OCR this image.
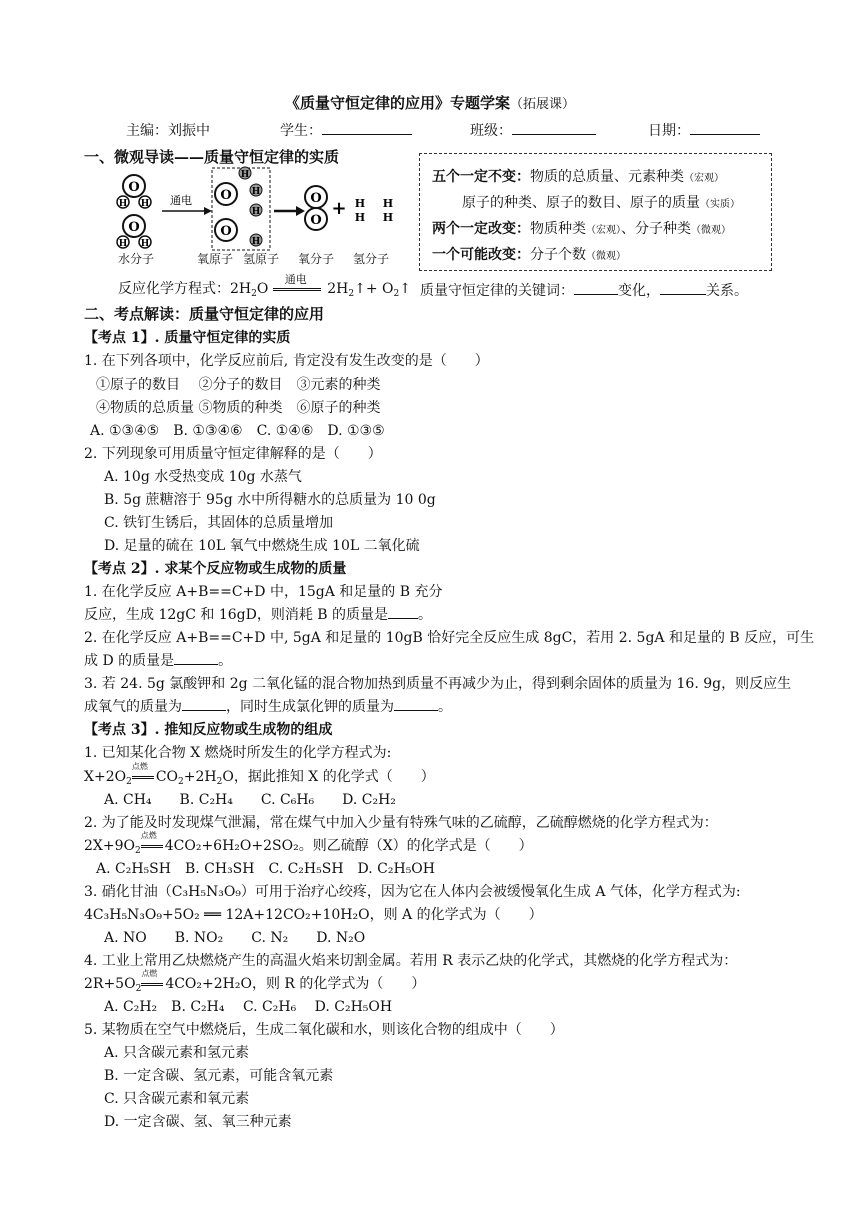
《质量守恒定律的应用》专题学案（拓展课）
主编：刘振中	学生：	班级：	日期：
一、微观导读——质量守恒定律的实质
O
H H
O
H H
通电
H
O H
H
O
H
O
O
+ H
H
H
H
水分子	氧原子 氢原子 氧分子 氢分子
反应化学方程式：$2H_2O$
通电
$2H_2↑+$ $O_2↑$
五个一定不变：物质的总质量、元素种类（宏观）
原子的种类、原子的数目、原子的质量（实质）
两个一定改变：物质种类（宏观）、分子种类（微观）
一个可能改变：分子个数（微观）
质量守恒定律的关键词：	变化，	关系。
二、考点解读：质量守恒定律的应用
【考点 1】. 质量守恒定律的实质
1. 在下列各项中，化学反应前后, 肯定没有发生改变的是（　　）
①原子的数目　 ②分子的数目　③元素的种类
④物质的总质量 ⑤物质的种类　⑥原子的种类
A. ①③④⑤　B. ①③④⑥　C. ①④⑥　D. ①③⑤
2. 下列现象可用质量守恒定律解释的是（　　）
A. 10g 水受热变成 10g 水蒸气
B. 5g 蔗糖溶于 95g 水中所得糖水的总质量为 10 0g
C. 铁钉生锈后，其固体的总质量增加
D. 足量的硫在 10L 氧气中燃烧生成 10L 二氧化硫
【考点 2】. 求某个反应物或生成物的质量
1. 在化学反应 A+B==C+D 中，15gA 和足量的 B 充分
反应，生成 12gC 和 16gD，则消耗 B 的质量是 。
2. 在化学反应 A+B==C+D 中, 5gA 和足量的 10gB 恰好完全反应生成 8gC，若用 2. 5gA 和足量的 B 反应，可生
成 D 的质量是	。
3. 若 24. 5g 氯酸钾和 2g 二氧化锰的混合物加热到质量不再减少为止，得到剩余固体的质量为 16. 9g，则反应生
成氧气的质量为	，同时生成氯化钾的质量为	。
【考点 3】. 推知反应物或生成物的组成
1. 已知某化合物 X 燃烧时所发生的化学方程式为:
$X+2O_2$
点燃
$CO_2+2H_2O$，据此推知 X 的化学式（　　）
A. CH₄　　B. C₂H₄　　C. C₆H₆　　D. C₂H₂
2. 为了能及时发现煤气泄漏，常在煤气中加入少量有特殊气味的乙硫醇，乙硫醇燃烧的化学方程式为：
$2X+9O_2$
点燃
4CO₂+6H₂O+2SO₂。则乙硫醇（X）的化学式是（　　）
A. C₂H₅SH　B. CH₃SH　C. C₂H₅SH　D. C₂H₅OH
3. 硝化甘油（C₃H₅N₃O₉）可用于治疗心绞疼，因为它在人体内会被缓慢氧化生成 A 气体，化学方程式为:
4C₃H₅N₃O₉+5O₂ ══ 12A+12CO₂+10H₂O，则 A 的化学式为（　　）
A. NO　　B. NO₂　　C. N₂　　D. N₂O
4. 工业上常用乙炔燃烧产生的高温火焰来切割金属。若用 R 表示乙炔的化学式，其燃烧的化学方程式为：
$2R+5O_2$
点燃
4CO₂+2H₂O，则 R 的化学式为（　　）
A. C₂H₂　B. C₂H₄　 C. C₂H₆　 D. C₂H₅OH
5. 某物质在空气中燃烧后，生成二氧化碳和水，则该化合物的组成中（　　）
A. 只含碳元素和氢元素
B. 一定含碳、氢元素，可能含氧元素
C. 只含碳元素和氧元素
D. 一定含碳、氢、氧三种元素
